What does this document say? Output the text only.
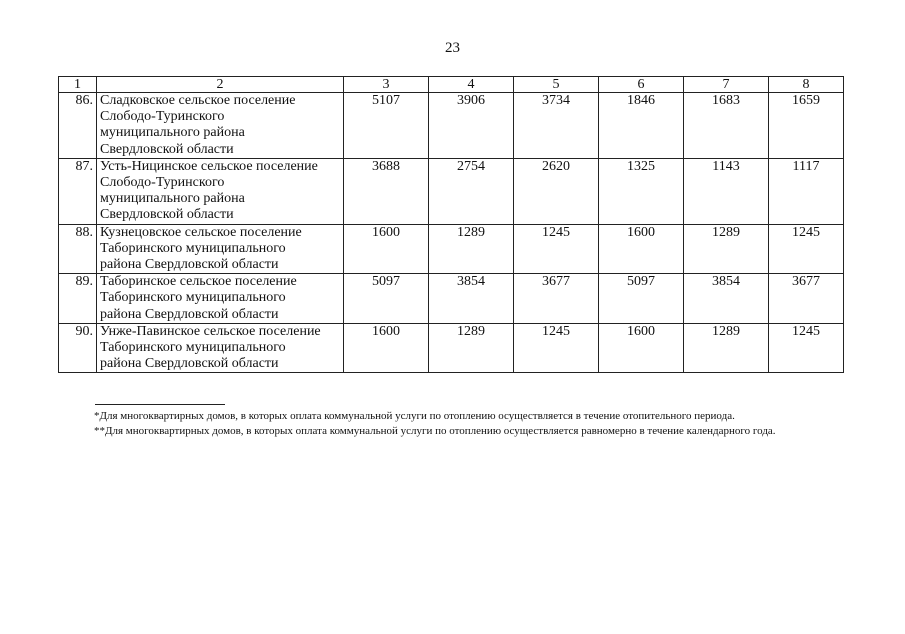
23
1	2	3	4	5	6	7	8
86.	Сладковское сельское поселение
Слободо-Туринского
муниципального района
Свердловской области	5107	3906	3734	1846	1683	1659
87.	Усть-Ницинское сельское поселение
Слободо-Туринского
муниципального района
Свердловской области	3688	2754	2620	1325	1143	1117
88.	Кузнецовское сельское поселение
Таборинского муниципального
района Свердловской области	1600	1289	1245	1600	1289	1245
89.	Таборинское сельское поселение
Таборинского муниципального
района Свердловской области	5097	3854	3677	5097	3854	3677
90.	Унже-Павинское сельское поселение
Таборинского муниципального
района Свердловской области	1600	1289	1245	1600	1289	1245

*Для многоквартирных домов, в которых оплата коммунальной услуги по отоплению осуществляется в течение отопительного периода.

**Для многоквартирных домов, в которых оплата коммунальной услуги по отоплению осуществляется равномерно в течение календарного года.
